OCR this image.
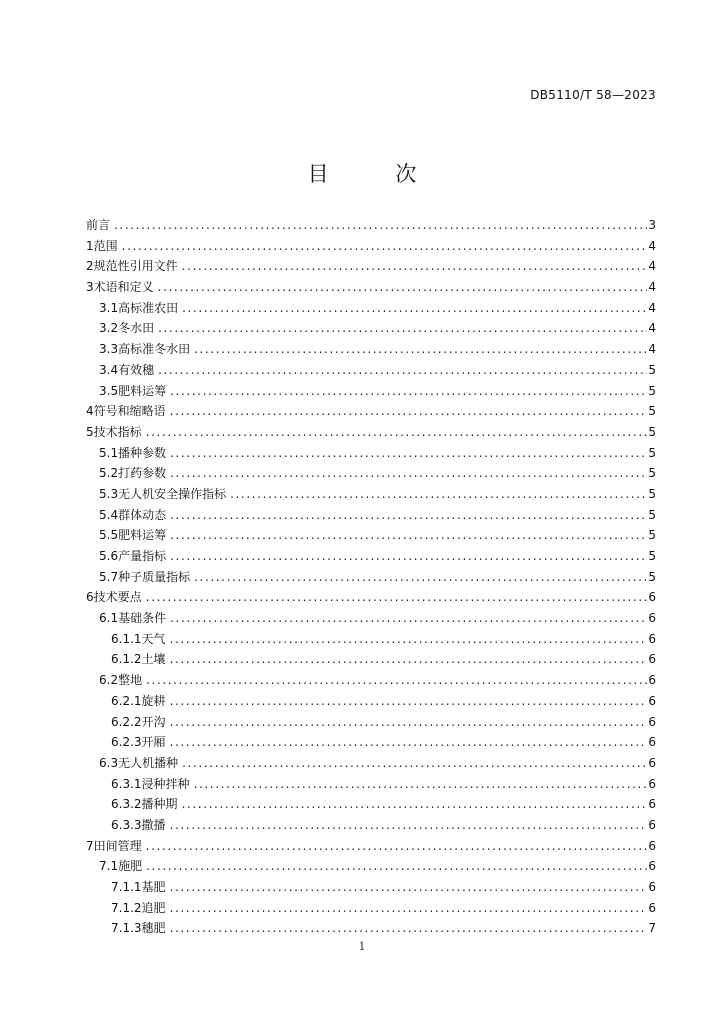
DB5110/T 58—2023
目 次
前言 .....	3
1 范围 .....	4
2 规范性引用文件 .....	4
3 术语和定义 .....	4
3.1 高标准农田 .....	4
3.2 冬水田 .....	4
3.3 高标准冬水田 .....	4
3.4 有效穗 .....	5
3.5 肥料运筹 .....	5
4 符号和缩略语 .....	5
5 技术指标 .....	5
5.1 播种参数 .....	5
5.2 打药参数 .....	5
5.3 无人机安全操作指标 .....	5
5.4 群体动态 .....	5
5.5 肥料运筹 .....	5
5.6 产量指标 .....	5
5.7 种子质量指标 .....	5
6 技术要点 .....	6
6.1 基础条件 .....	6
6.1.1 天气 .....	6
6.1.2 土壤 .....	6
6.2 整地 .....	6
6.2.1 旋耕 .....	6
6.2.2 开沟 .....	6
6.2.3 开厢 .....	6
6.3 无人机播种 .....	6
6.3.1 浸种拌种 .....	6
6.3.2 播种期 .....	6
6.3.3 撒播 .....	6
7 田间管理 .....	6
7.1 施肥 .....	6
7.1.1 基肥 .....	6
7.1.2 追肥 .....	6
7.1.3 穗肥 .....	7
1
